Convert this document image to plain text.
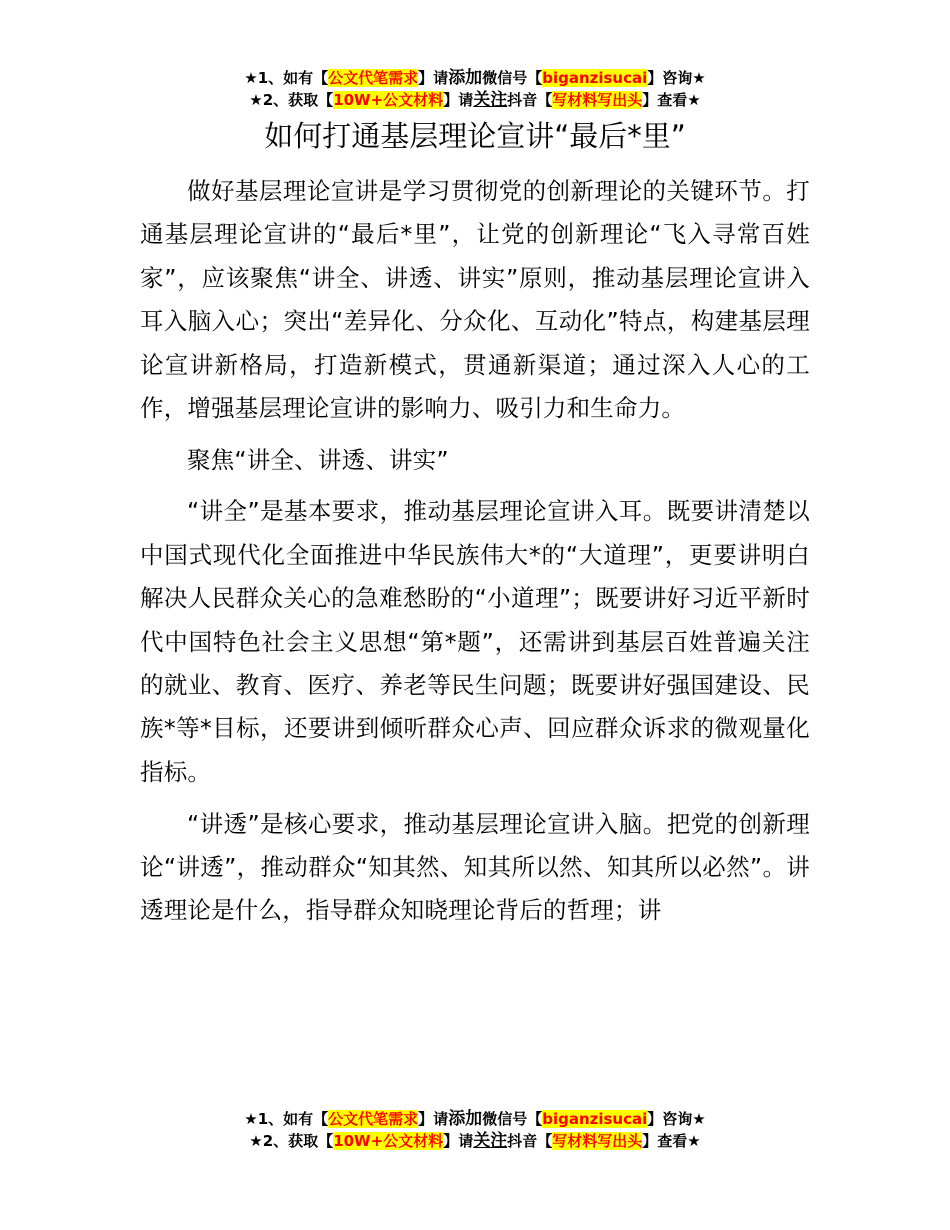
★1、如有【公文代笔需求】请添加微信号【biganzisucai】咨询★
★2、获取【10W+公文材料】请关注抖音【写材料写出头】查看★
如何打通基层理论宣讲“最后*里”

做好基层理论宣讲是学习贯彻党的创新理论的关键环节。打通基层理论宣讲的“最后*里”，让党的创新理论“飞入寻常百姓家”，应该聚焦“讲全、讲透、讲实”原则，推动基层理论宣讲入耳入脑入心；突出“差异化、分众化、互动化”特点，构建基层理论宣讲新格局，打造新模式，贯通新渠道；通过深入人心的工作，增强基层理论宣讲的影响力、吸引力和生命力。

聚焦“讲全、讲透、讲实”

“讲全”是基本要求，推动基层理论宣讲入耳。既要讲清楚以中国式现代化全面推进中华民族伟大*的“大道理”，更要讲明白解决人民群众关心的急难愁盼的“小道理”；既要讲好习近平新时代中国特色社会主义思想“第*题”，还需讲到基层百姓普遍关注的就业、教育、医疗、养老等民生问题；既要讲好强国建设、民族*等*目标，还要讲到倾听群众心声、回应群众诉求的微观量化指标。

“讲透”是核心要求，推动基层理论宣讲入脑。把党的创新理论“讲透”，推动群众“知其然、知其所以然、知其所以必然”。讲透理论是什么，指导群众知晓理论背后的哲理；讲

★1、如有【公文代笔需求】请添加微信号【biganzisucai】咨询★
★2、获取【10W+公文材料】请关注抖音【写材料写出头】查看★
